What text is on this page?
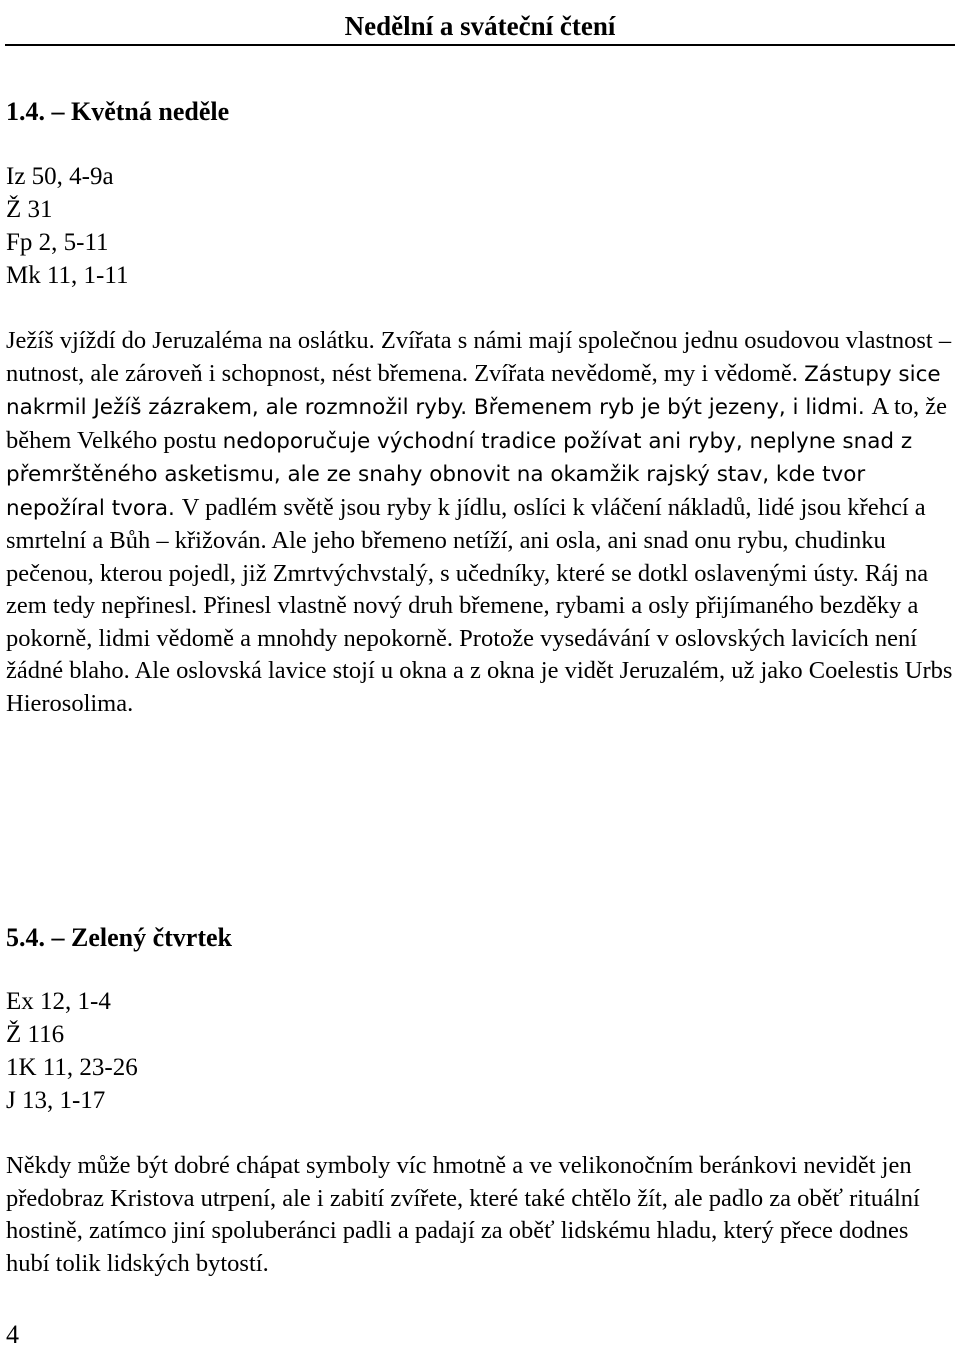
Nedělní a sváteční čtení
1.4. – Květná neděle
Iz 50, 4-9a
Ž 31
Fp 2, 5-11
Mk 11, 1-11

Ježíš vjíždí do Jeruzaléma na oslátku. Zvířata s námi mají společnou jednu osudovou vlastnost – nutnost, ale zároveň i schopnost, nést břemena. Zvířata nevědomě, my i vědomě. Zástupy sice nakrmil Ježíš zázrakem, ale rozmnožil ryby. Břemenem ryb je být jezeny, i lidmi. A to, že během Velkého postu nedoporučuje východní tradice požívat ani ryby, neplyne snad z přemrštěného asketismu, ale ze snahy obnovit na okamžik rajský stav, kde tvor nepožíral tvora. V padlém světě jsou ryby k jídlu, oslíci k vláčení nákladů, lidé jsou křehcí a smrtelní a Bůh – křižován. Ale jeho břemeno netíží, ani osla, ani snad onu rybu, chudinku pečenou, kterou pojedl, již Zmrtvýchvstalý, s učedníky, které se dotkl oslavenými ústy. Ráj na zem tedy nepřinesl. Přinesl vlastně nový druh břemene, rybami a osly přijímaného bezděky a pokorně, lidmi vědomě a mnohdy nepokorně. Protože vysedávání v oslovských lavicích není žádné blaho. Ale oslovská lavice stojí u okna a z okna je vidět Jeruzalém, už jako Coelestis Urbs Hierosolima.

5.4. – Zelený čtvrtek
Ex 12, 1-4
Ž 116
1K 11, 23-26
J 13, 1-17

Někdy může být dobré chápat symboly víc hmotně a ve velikonočním beránkovi nevidět jen předobraz Kristova utrpení, ale i zabití zvířete, které také chtělo žít, ale padlo za oběť rituální hostině, zatímco jiní spoluberánci padli a padají za oběť lidskému hladu, který přece dodnes hubí tolik lidských bytostí.

4
